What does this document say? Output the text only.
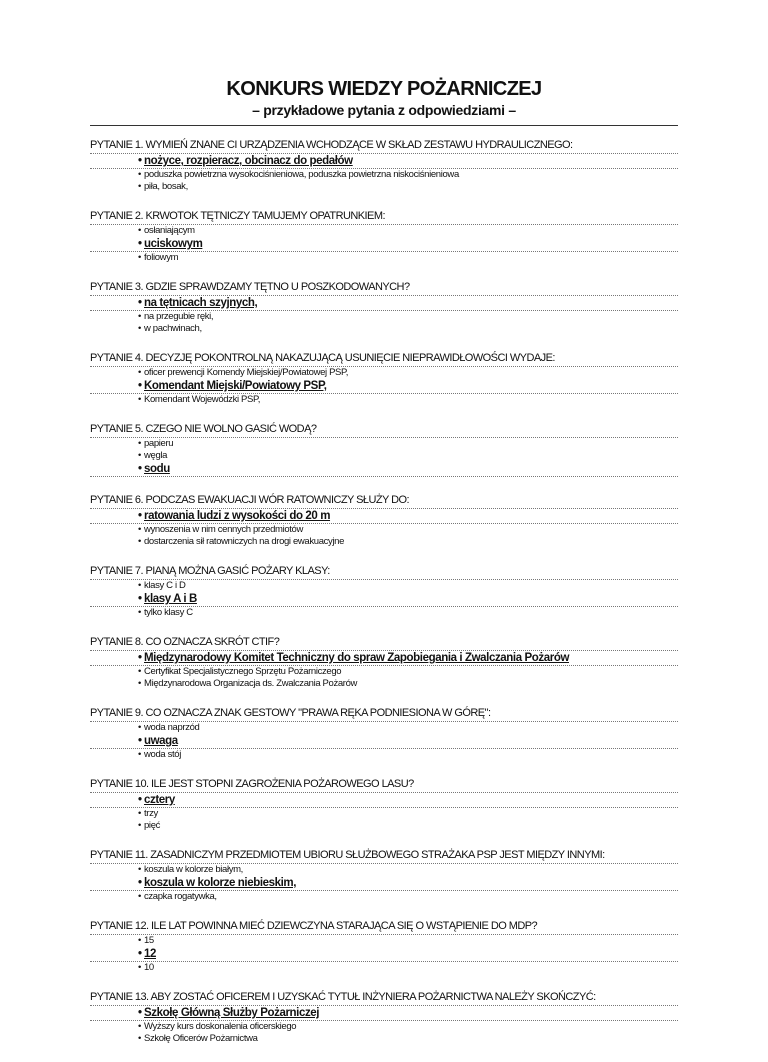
KONKURS WIEDZY POŻARNICZEJ
– przykładowe pytania z odpowiedziami –
PYTANIE 1. WYMIEŃ ZNANE CI URZĄDZENIA WCHODZĄCE W SKŁAD ZESTAWU HYDRAULICZNEGO:
• nożyce, rozpieracz, obcinacz do pedałów
• poduszka powietrzna wysokociśnieniowa, poduszka powietrzna niskociśnieniowa
• piła, bosak,
PYTANIE 2. KRWOTOK TĘTNICZY TAMUJEMY OPATRUNKIEM:
• osłaniającym
• uciskowym
• foliowym
PYTANIE 3. GDZIE SPRAWDZAMY TĘTNO U POSZKODOWANYCH?
• na tętnicach szyjnych,
• na przegubie ręki,
• w pachwinach,
PYTANIE 4. DECYZJĘ POKONTROLNĄ NAKAZUJĄCĄ USUNIĘCIE NIEPRAWIDŁOWOŚCI WYDAJE:
• oficer prewencji Komendy Miejskiej/Powiatowej PSP,
• Komendant Miejski/Powiatowy PSP,
• Komendant Wojewódzki PSP,
PYTANIE 5. CZEGO NIE WOLNO GASIĆ WODĄ?
• papieru
• węgla
• sodu
PYTANIE 6. PODCZAS EWAKUACJI WÓR RATOWNICZY SŁUŻY DO:
• ratowania ludzi z wysokości do 20 m
• wynoszenia w nim cennych przedmiotów
• dostarczenia sił ratowniczych na drogi ewakuacyjne
PYTANIE 7. PIANĄ MOŻNA GASIĆ POŻARY KLASY:
• klasy C i D
• klasy A i B
• tylko klasy C
PYTANIE 8. CO OZNACZA SKRÓT CTIF?
• Międzynarodowy Komitet Techniczny do spraw Zapobiegania i Zwalczania Pożarów
• Certyfikat Specjalistycznego Sprzętu Pożarniczego
• Międzynarodowa Organizacja ds. Zwalczania Pożarów
PYTANIE 9. CO OZNACZA ZNAK GESTOWY "PRAWA RĘKA PODNIESIONA W GÓRĘ":
• woda naprzód
• uwaga
• woda stój
PYTANIE 10. ILE JEST STOPNI ZAGROŻENIA POŻAROWEGO LASU?
• cztery
• trzy
• pięć
PYTANIE 11. ZASADNICZYM PRZEDMIOTEM UBIORU SŁUŻBOWEGO STRAŻAKA PSP JEST MIĘDZY INNYMI:
• koszula w kolorze białym,
• koszula w kolorze niebieskim,
• czapka rogatywka,
PYTANIE 12. ILE LAT POWINNA MIEĆ DZIEWCZYNA STARAJĄCA SIĘ O WSTĄPIENIE DO MDP?
• 15
• 12
• 10
PYTANIE 13. ABY ZOSTAĆ OFICEREM I UZYSKAĆ TYTUŁ INŻYNIERA POŻARNICTWA NALEŻY SKOŃCZYĆ:
• Szkołę Główną Służby Pożarniczej
• Wyższy kurs doskonalenia oficerskiego
• Szkołę Oficerów Pożarnictwa
